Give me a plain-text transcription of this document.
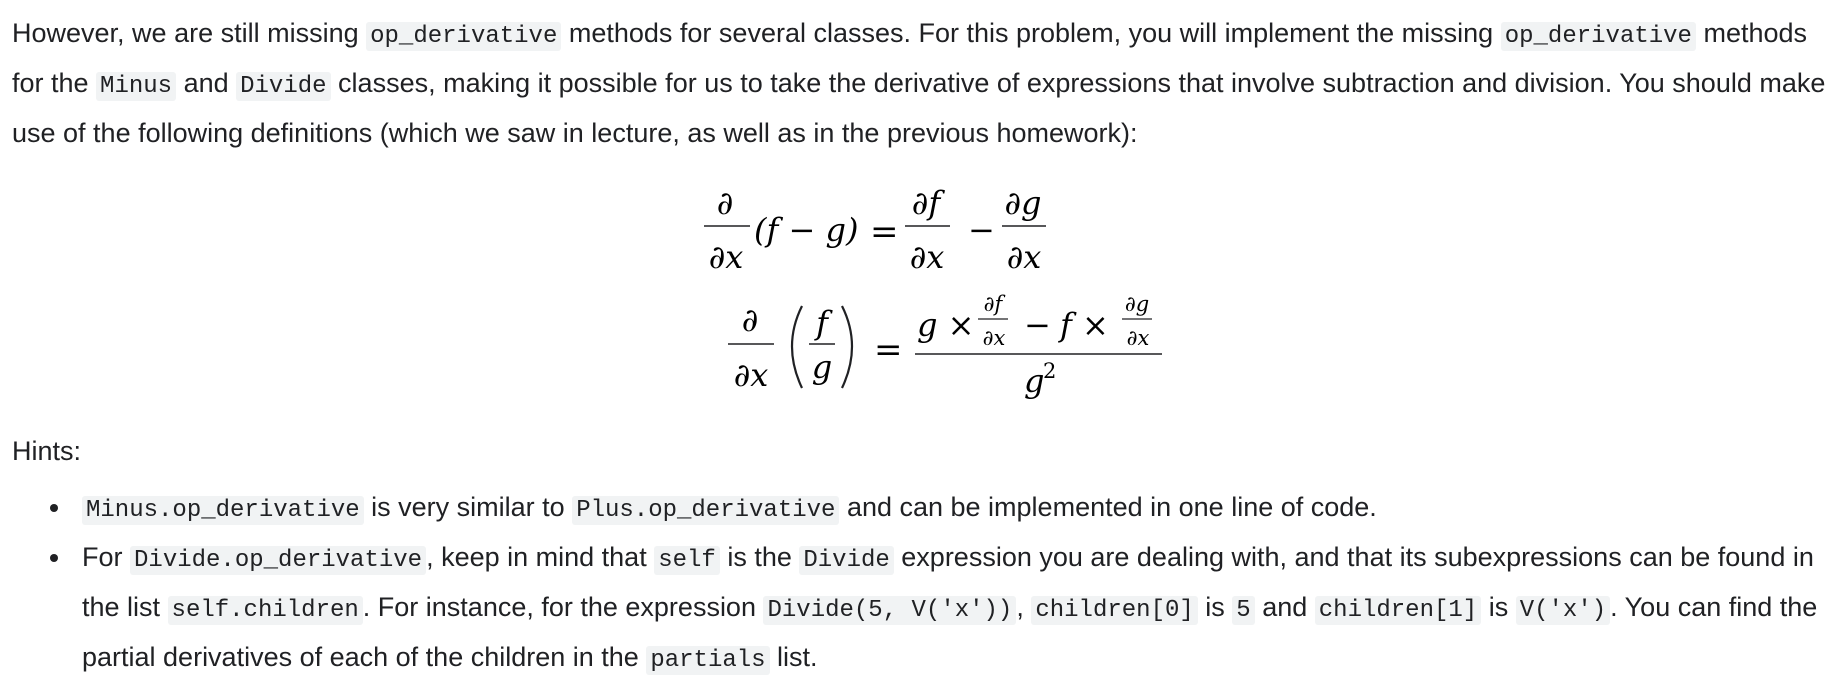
However, we are still missing op_derivative methods for several classes. For this problem, you will implement the missing op_derivative methods for the Minus and Divide classes, making it possible for us to take the derivative of expressions that involve subtraction and division. You should make use of the following definitions (which we saw in lecture, as well as in the previous homework):

∂
∂x
(f − g) =
∂f
∂x
−
∂g
∂x
∂
∂x
f
g =
g ×
∂f
∂x − f ×
∂g
∂x
g
2

Hints:

Minus.op_derivative is very similar to Plus.op_derivative and can be implemented in one line of code.
For Divide.op_derivative , keep in mind that self is the Divide expression you are dealing with, and that its subexpressions can be found in the list self.children . For instance, for the expression Divide(5, V('x')) , children[0] is 5 and children[1] is V('x') . You can find the partial derivatives of each of the children in the partials list.
